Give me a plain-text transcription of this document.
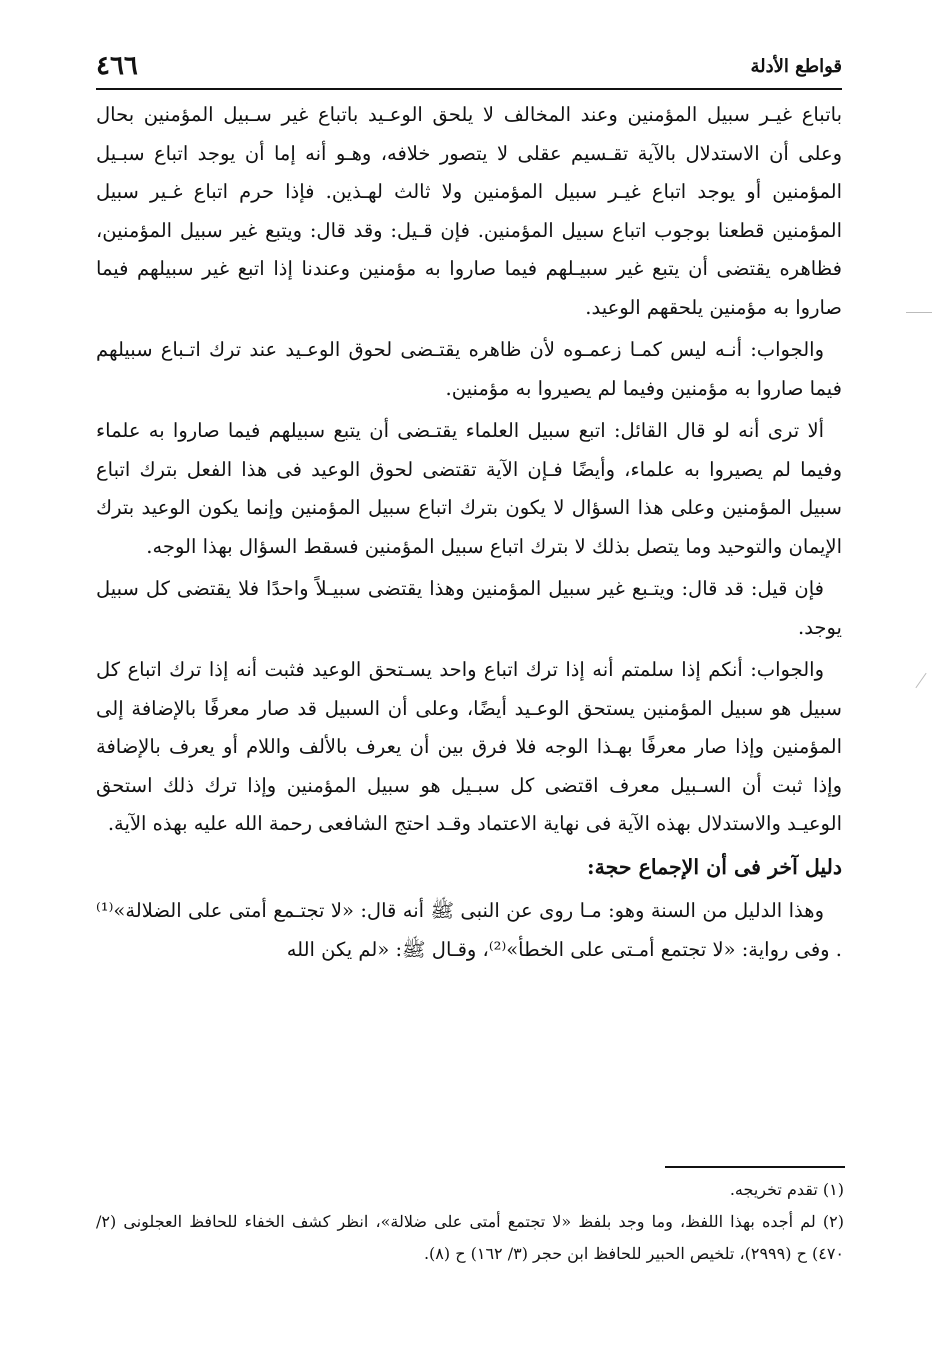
٤٦٦	قواطع الأدلة

باتباع غيـر سبيل المؤمنين وعند المخالف لا يلحق الوعـيد باتباع غير سـبيل المؤمنين بحال وعلى أن الاستدلال بالآية تقـسيم عقلى لا يتصور خلافه، وهـو أنه إما أن يوجد اتباع سبـيل المؤمنين أو يوجد اتباع غيـر سبيل المؤمنين ولا ثالث لهـذين. فإذا حرم اتباع غـير سبيل المؤمنين قطعنا بوجوب اتباع سبيل المؤمنين. فإن قـيل: وقد قال: ويتبع غير سبيل المؤمنين، فظاهره يقتضى أن يتبع غير سبيـلهم فيما صاروا به مؤمنين وعندنا إذا اتبع غير سبيلهم فيما صاروا به مؤمنين يلحقهم الوعيد.

والجواب: أنـه ليس كمـا زعمـوه لأن ظاهره يقتـضى لحوق الوعـيد عند ترك اتـباع سبيلهم فيما صاروا به مؤمنين وفيما لم يصيروا به مؤمنين.

ألا ترى أنه لو قال القائل: اتبع سبيل العلماء يقتـضى أن يتبع سبيلهم فيما صاروا به علماء وفيما لم يصيروا به علماء، وأيضًا فـإن الآية تقتضى لحوق الوعيد فى هذا الفعل بترك اتباع سبيل المؤمنين وعلى هذا السؤال لا يكون بترك اتباع سبيل المؤمنين وإنما يكون الوعيد بترك الإيمان والتوحيد وما يتصل بذلك لا بترك اتباع سبيل المؤمنين فسقط السؤال بهذا الوجه.

فإن قيل: قد قال: ويتـبع غير سبيل المؤمنين وهذا يقتضى سبيـلاً واحدًا فلا يقتضى كل سبيل يوجد.

والجواب: أنكم إذا سلمتم أنه إذا ترك اتباع واحد يسـتحق الوعيد فثبت أنه إذا ترك اتباع كل سبيل هو سبيل المؤمنين يستحق الوعـيد أيضًا، وعلى أن السبيل قد صار معرفًا بالإضافة إلى المؤمنين وإذا صار معرفًا بهـذا الوجه فلا فرق بين أن يعرف بالألف واللام أو يعرف بالإضافة وإذا ثبت أن السـبيل معرف اقتضى كل سبـيل هو سبيل المؤمنين وإذا ترك ذلك استحق الوعيـد والاستدلال بهذه الآية فى نهاية الاعتماد وقـد احتج الشافعى رحمة الله عليه بهذه الآية.

دليل آخر فى أن الإجماع حجة:

وهذا الدليل من السنة وهو: مـا روى عن النبى ﷺ أنه قال: «لا تجتـمع أمتى على الضلالة»⁽¹⁾ . وفى رواية: «لا تجتمع أمـتى على الخطأ»⁽²⁾، وقـال ﷺ: «لم يكن الله

(١) تقدم تخريجه.

(٢) لم أجده بهذا اللفظ، وما وجد بلفظ «لا تجتمع أمتى على ضلالة»، انظر كشف الخفاء للحافظ العجلونى (٢/ ٤٧٠) ح (٢٩٩٩)، تلخيص الحبير للحافظ ابن حجر (٣/ ١٦٢) ح (٨).
